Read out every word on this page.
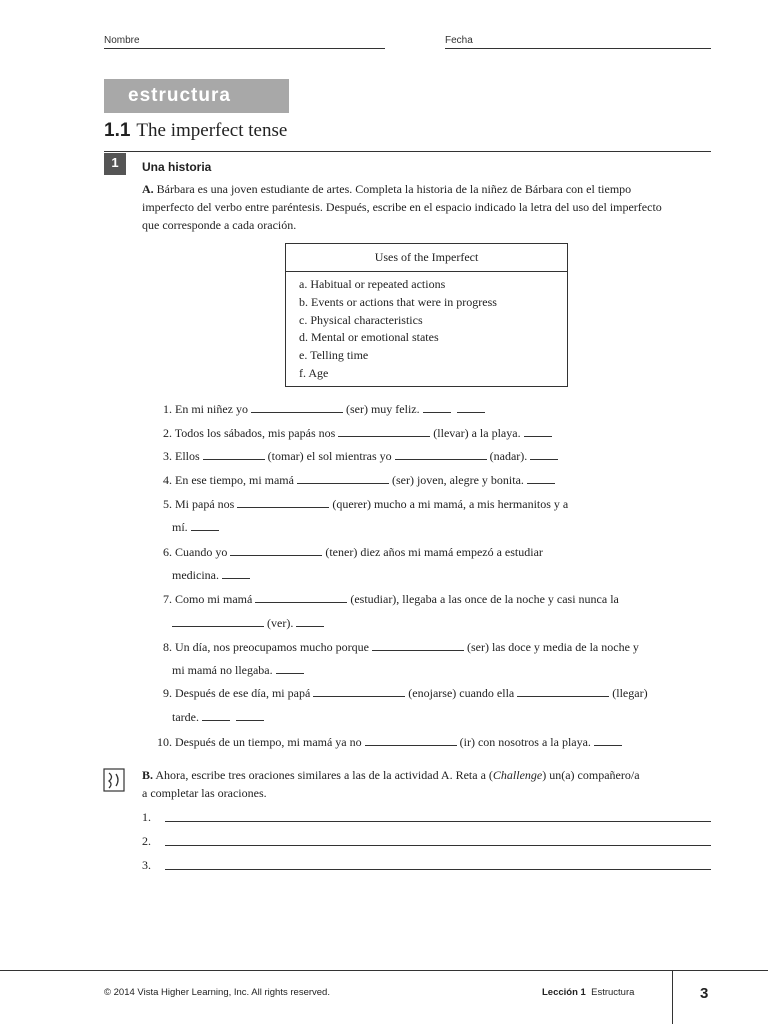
Nombre	Fecha
estructura
1.1 The imperfect tense
1	Una historia
A. Bárbara es una joven estudiante de artes. Completa la historia de la niñez de Bárbara con el tiempo
imperfecto del verbo entre paréntesis. Después, escribe en el espacio indicado la letra del uso del imperfecto
que corresponde a cada oración.
Uses of the Imperfect
a. Habitual or repeated actions
b. Events or actions that were in progress
c. Physical characteristics
d. Mental or emotional states
e. Telling time
f. Age
1. En mi niñez yo	(ser) muy feliz.
2. Todos los sábados, mis papás nos	(llevar) a la playa.
3. Ellos	(tomar) el sol mientras yo	(nadar).
4. En ese tiempo, mi mamá	(ser) joven, alegre y bonita.
5. Mi papá nos	(querer) mucho a mi mamá, a mis hermanitos y a
mí.
6. Cuando yo	(tener) diez años mi mamá empezó a estudiar
medicina.
7. Como mi mamá	(estudiar), llegaba a las once de la noche y casi nunca la
(ver).
8. Un día, nos preocupamos mucho porque	(ser) las doce y media de la noche y
mi mamá no llegaba.
9. Después de ese día, mi papá	(enojarse) cuando ella	(llegar)
tarde.
10. Después de un tiempo, mi mamá ya no	(ir) con nosotros a la playa.
B. Ahora, escribe tres oraciones similares a las de la actividad A. Reta a (Challenge) un(a) compañero/a
a completar las oraciones.
1.
2.
3.
© 2014 Vista Higher Learning, Inc. All rights reserved.	Lección 1 Estructura	3
